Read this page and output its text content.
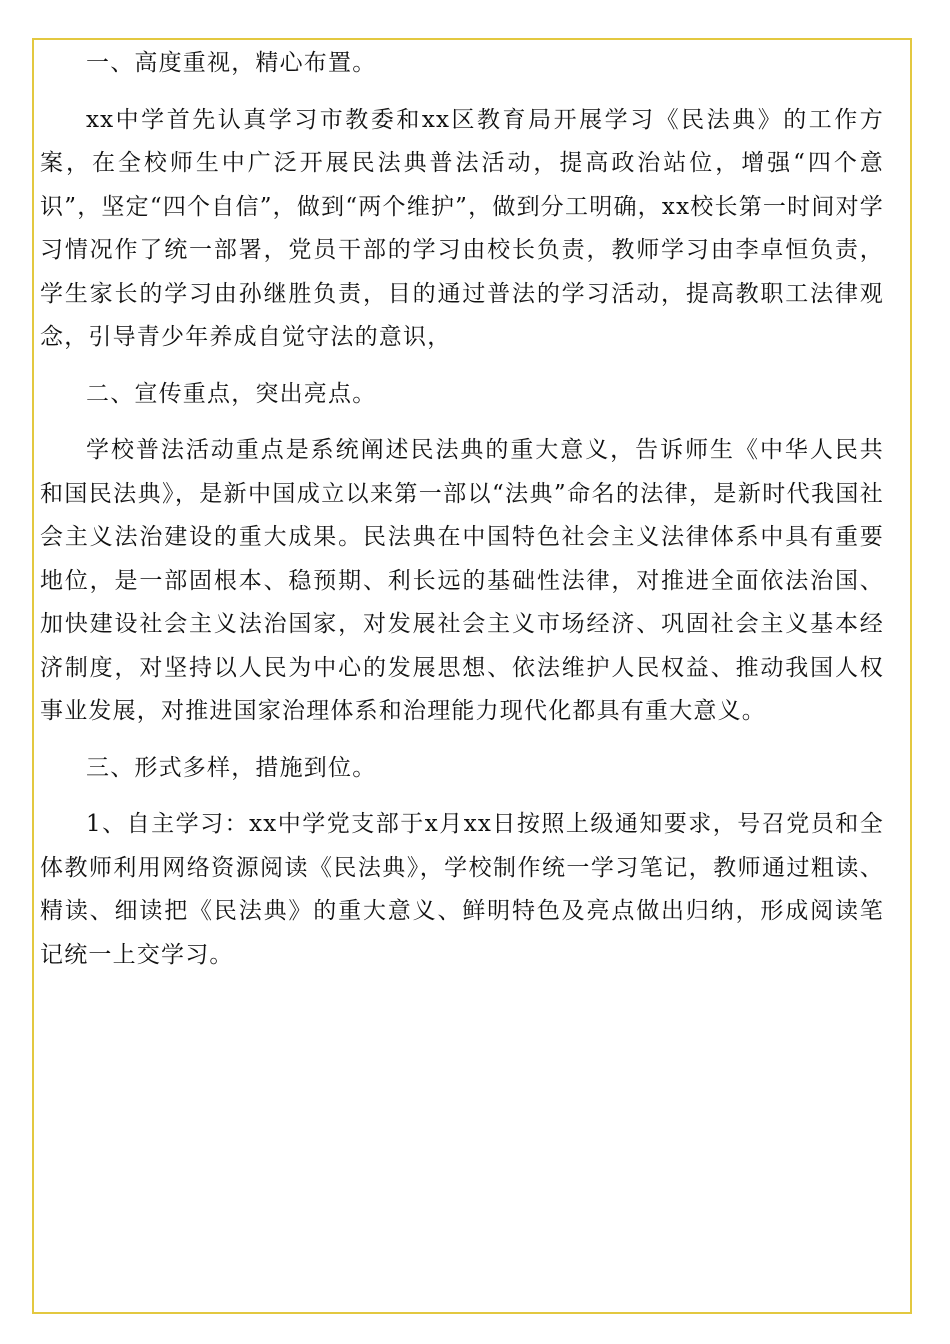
一、高度重视，精心布置。

xx中学首先认真学习市教委和xx区教育局开展学习《民法典》的工作方案，在全校师生中广泛开展民法典普法活动，提高政治站位，增强“四个意识”，坚定“四个自信”，做到“两个维护”，做到分工明确，xx校长第一时间对学习情况作了统一部署，党员干部的学习由校长负责，教师学习由李卓恒负责，学生家长的学习由孙继胜负责，目的通过普法的学习活动，提高教职工法律观念，引导青少年养成自觉守法的意识，

二、宣传重点，突出亮点。

学校普法活动重点是系统阐述民法典的重大意义，告诉师生《中华人民共和国民法典》，是新中国成立以来第一部以“法典”命名的法律，是新时代我国社会主义法治建设的重大成果。民法典在中国特色社会主义法律体系中具有重要地位，是一部固根本、稳预期、利长远的基础性法律，对推进全面依法治国、加快建设社会主义法治国家，对发展社会主义市场经济、巩固社会主义基本经济制度，对坚持以人民为中心的发展思想、依法维护人民权益、推动我国人权事业发展，对推进国家治理体系和治理能力现代化都具有重大意义。

三、形式多样，措施到位。

1、自主学习：xx中学党支部于x月xx日按照上级通知要求，号召党员和全体教师利用网络资源阅读《民法典》，学校制作统一学习笔记，教师通过粗读、精读、细读把《民法典》的重大意义、鲜明特色及亮点做出归纳，形成阅读笔记统一上交学习。
